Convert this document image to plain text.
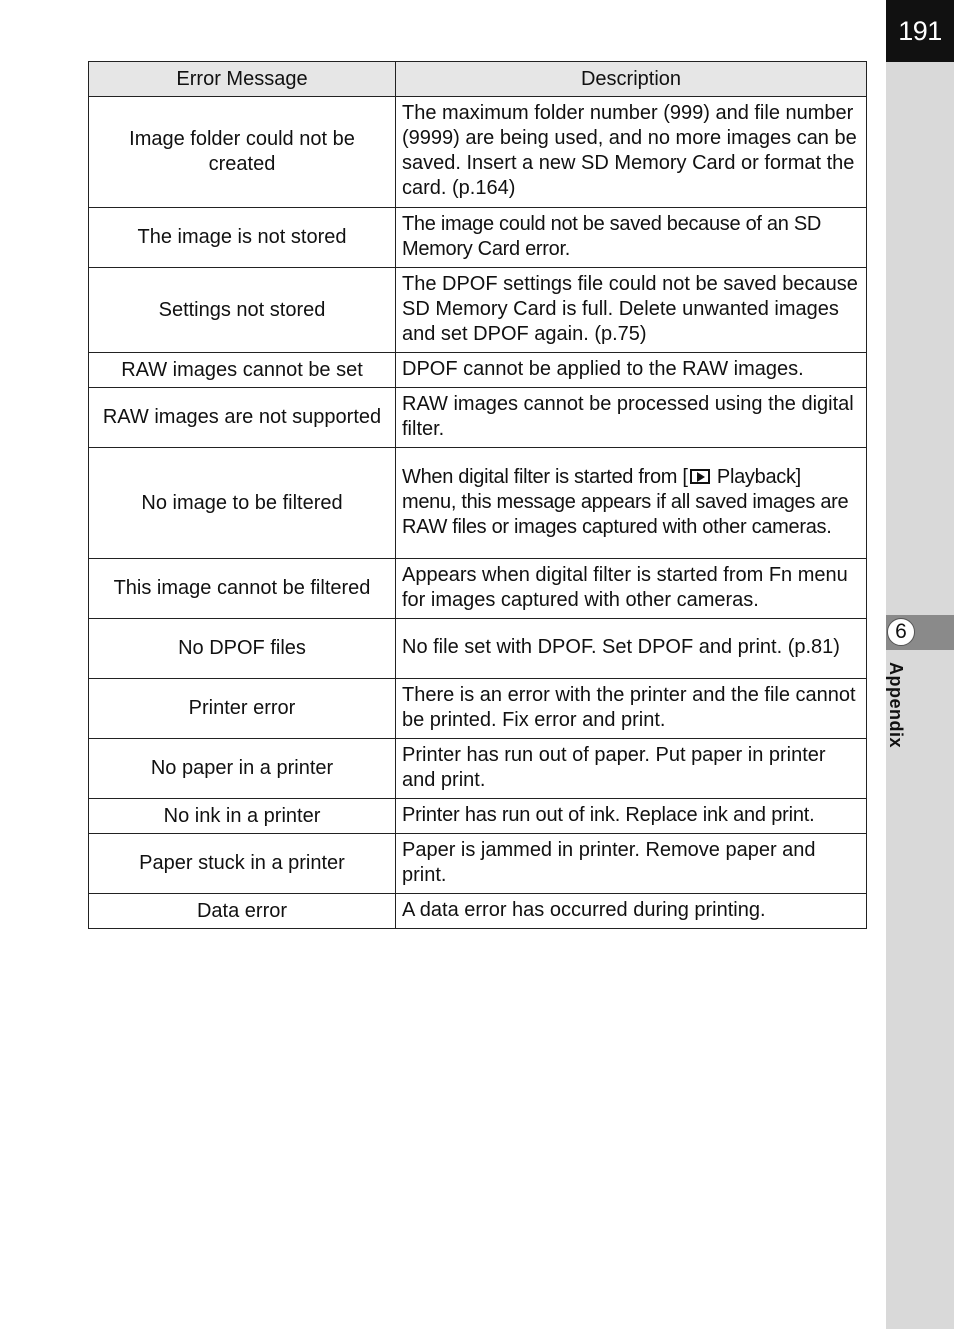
191
6
Appendix
Error Message	Description
Image folder could not be created	The maximum folder number (999) and file number (9999) are being used, and no more images can be saved. Insert a new SD Memory Card or format the card. (p.164)
The image is not stored	The image could not be saved because of an SD Memory Card error.
Settings not stored	The DPOF settings file could not be saved because SD Memory Card is full. Delete unwanted images and set DPOF again. (p.75)
RAW images cannot be set	DPOF cannot be applied to the RAW images.
RAW images are not supported	RAW images cannot be processed using the digital filter.
No image to be filtered	When digital filter is started from [ Playback] menu, this message appears if all saved images are RAW files or images captured with other cameras.
This image cannot be filtered	Appears when digital filter is started from Fn menu for images captured with other cameras.
No DPOF files	No file set with DPOF. Set DPOF and print. (p.81)
Printer error	There is an error with the printer and the file cannot be printed. Fix error and print.
No paper in a printer	Printer has run out of paper. Put paper in printer and print.
No ink in a printer	Printer has run out of ink. Replace ink and print.
Paper stuck in a printer	Paper is jammed in printer. Remove paper and print.
Data error	A data error has occurred during printing.
